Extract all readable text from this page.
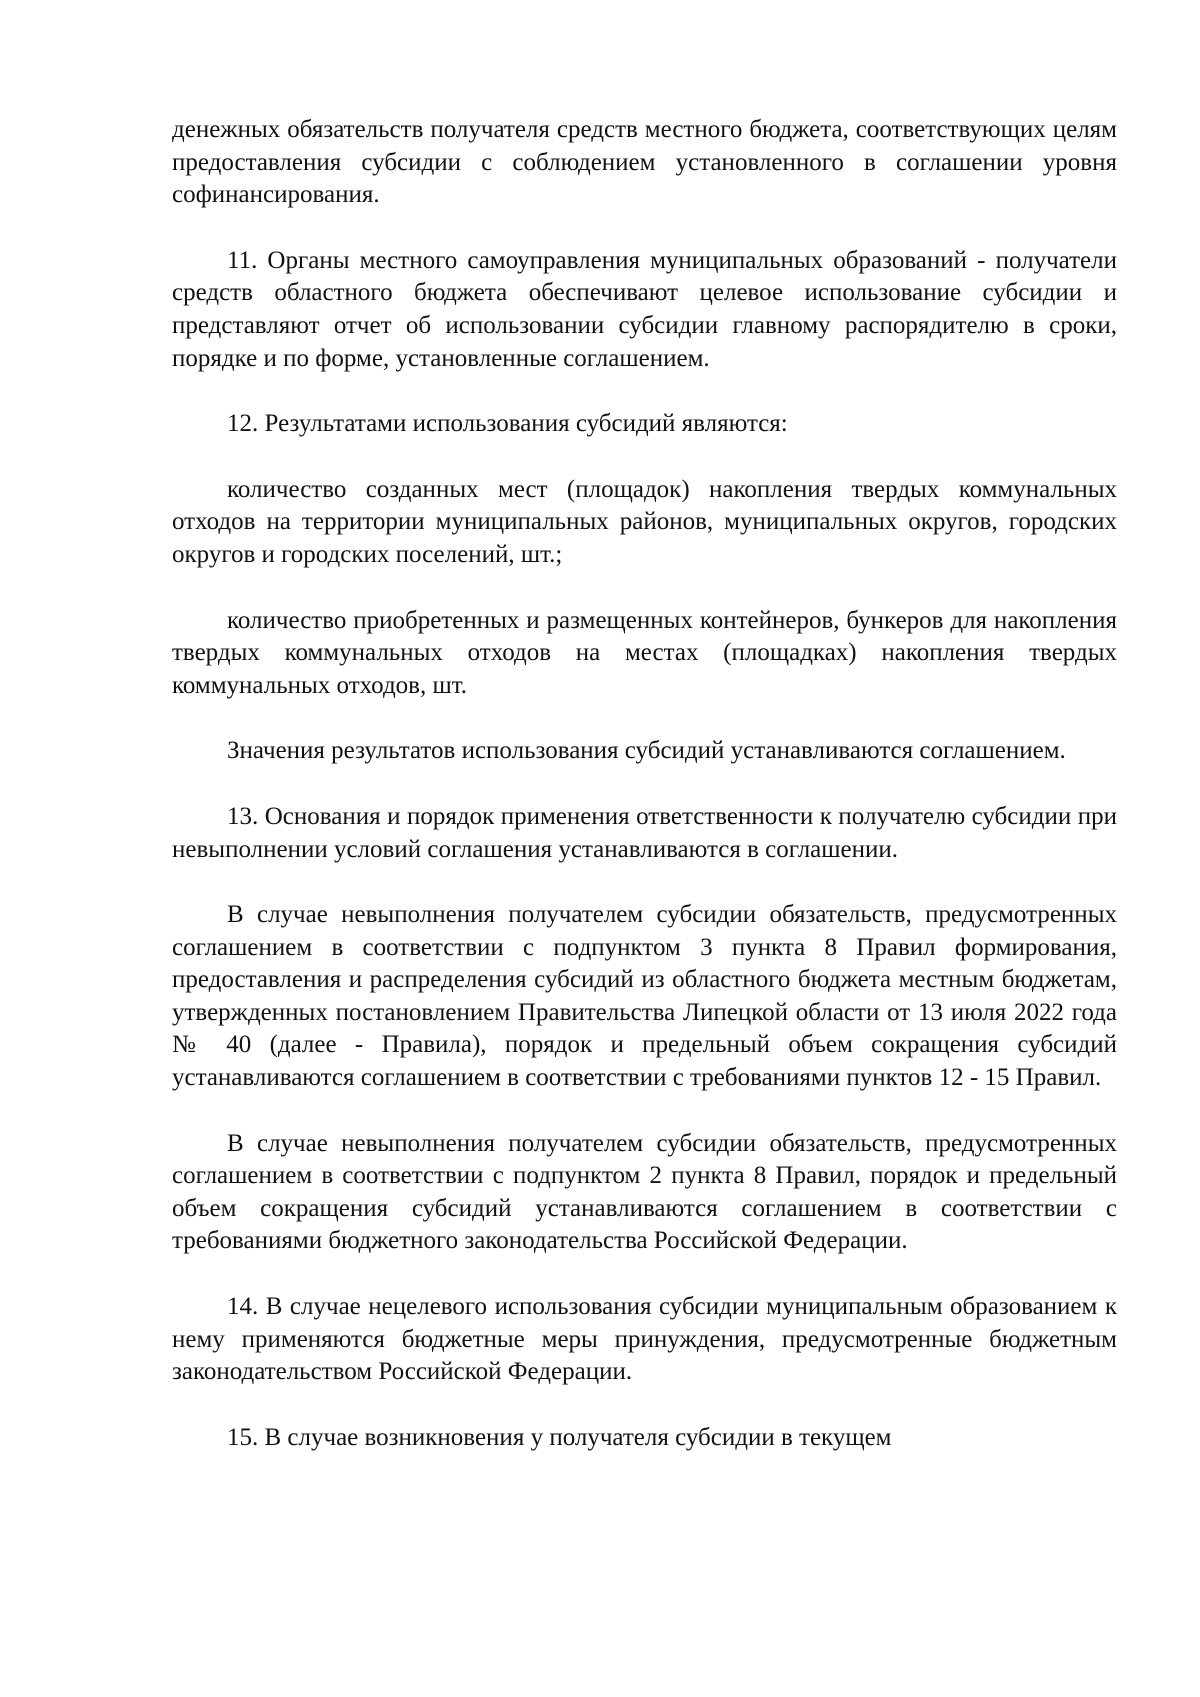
денежных обязательств получателя средств местного бюджета, соответствующих целям предоставления субсидии с соблюдением установленного в соглашении уровня софинансирования.

11. Органы местного самоуправления муниципальных образований - получатели средств областного бюджета обеспечивают целевое использование субсидии и представляют отчет об использовании субсидии главному распорядителю в сроки, порядке и по форме, установленные соглашением.

12. Результатами использования субсидий являются:

количество созданных мест (площадок) накопления твердых коммунальных отходов на территории муниципальных районов, муниципальных округов, городских округов и городских поселений, шт.;

количество приобретенных и размещенных контейнеров, бункеров для накопления твердых коммунальных отходов на местах (площадках) накопления твердых коммунальных отходов, шт.

Значения результатов использования субсидий устанавливаются соглашением.

13. Основания и порядок применения ответственности к получателю субсидии при невыполнении условий соглашения устанавливаются в соглашении.

В случае невыполнения получателем субсидии обязательств, предусмотренных соглашением в соответствии с подпунктом 3 пункта 8 Правил формирования, предоставления и распределения субсидий из областного бюджета местным бюджетам, утвержденных постановлением Правительства Липецкой области от 13 июля 2022 года № 40 (далее - Правила), порядок и предельный объем сокращения субсидий устанавливаются соглашением в соответствии с требованиями пунктов 12 - 15 Правил.

В случае невыполнения получателем субсидии обязательств, предусмотренных соглашением в соответствии с подпунктом 2 пункта 8 Правил, порядок и предельный объем сокращения субсидий устанавливаются соглашением в соответствии с требованиями бюджетного законодательства Российской Федерации.

14. В случае нецелевого использования субсидии муниципальным образованием к нему применяются бюджетные меры принуждения, предусмотренные бюджетным законодательством Российской Федерации.

15. В случае возникновения у получателя субсидии в текущем
